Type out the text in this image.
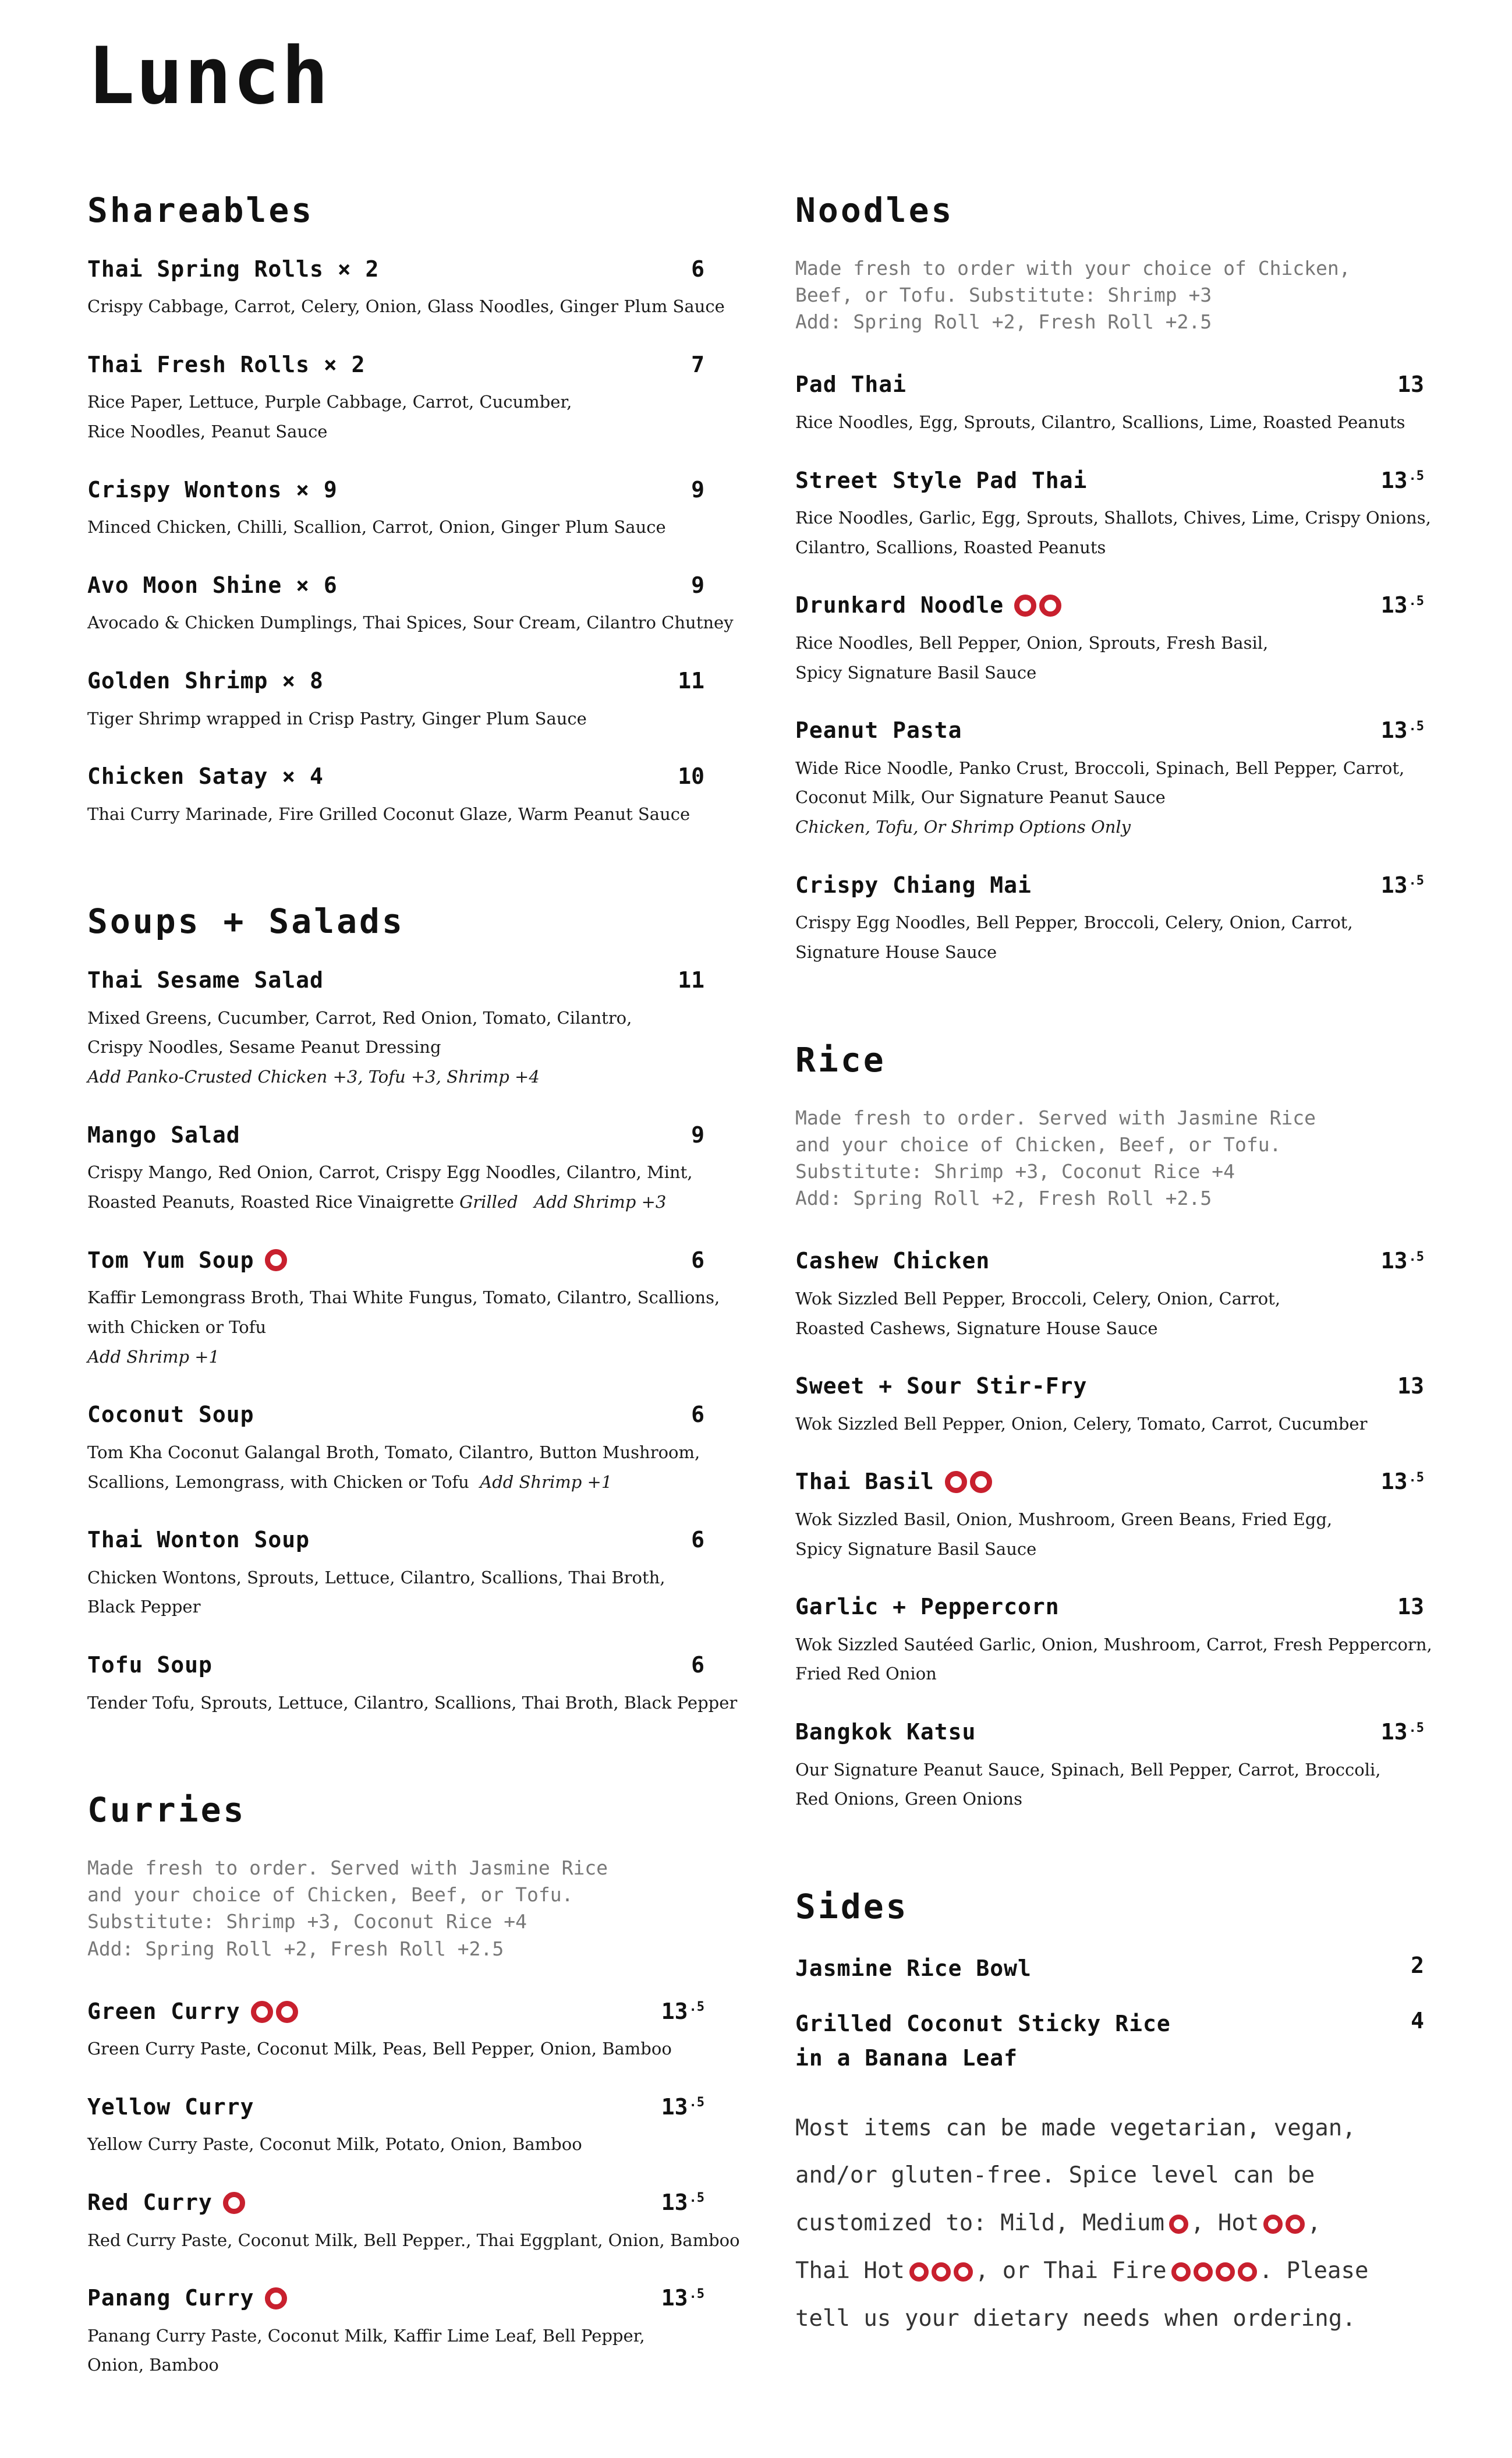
Lunch
Shareables
Thai Spring Rolls × 2	6
Crispy Cabbage, Carrot, Celery, Onion, Glass Noodles, Ginger Plum Sauce
Thai Fresh Rolls × 2	7
Rice Paper, Lettuce, Purple Cabbage, Carrot, Cucumber,
Rice Noodles, Peanut Sauce
Crispy Wontons × 9	9
Minced Chicken, Chilli, Scallion, Carrot, Onion, Ginger Plum Sauce
Avo Moon Shine × 6	9
Avocado & Chicken Dumplings, Thai Spices, Sour Cream, Cilantro Chutney
Golden Shrimp × 8	11
Tiger Shrimp wrapped in Crisp Pastry, Ginger Plum Sauce
Chicken Satay × 4	10
Thai Curry Marinade, Fire Grilled Coconut Glaze, Warm Peanut Sauce
Soups + Salads
Thai Sesame Salad	11
Mixed Greens, Cucumber, Carrot, Red Onion, Tomato, Cilantro,
Crispy Noodles, Sesame Peanut Dressing
Add Panko-Crusted Chicken +3, Tofu +3, Shrimp +4
Mango Salad	9
Crispy Mango, Red Onion, Carrot, Crispy Egg Noodles, Cilantro, Mint,
Roasted Peanuts, Roasted Rice Vinaigrette Grilled   Add Shrimp +3
Tom Yum Soup	6
Kaffir Lemongrass Broth, Thai White Fungus, Tomato, Cilantro, Scallions,
with Chicken or Tofu
Add Shrimp +1
Coconut Soup	6
Tom Kha Coconut Galangal Broth, Tomato, Cilantro, Button Mushroom,
Scallions, Lemongrass, with Chicken or Tofu Add Shrimp +1
Thai Wonton Soup	6
Chicken Wontons, Sprouts, Lettuce, Cilantro, Scallions, Thai Broth,
Black Pepper
Tofu Soup	6
Tender Tofu, Sprouts, Lettuce, Cilantro, Scallions, Thai Broth, Black Pepper
Curries
Made fresh to order. Served with Jasmine Rice
and your choice of Chicken, Beef, or Tofu.
Substitute: Shrimp +3, Coconut Rice +4
Add: Spring Roll +2, Fresh Roll +2.5
Green Curry	$13^{.5}$
Green Curry Paste, Coconut Milk, Peas, Bell Pepper, Onion, Bamboo
Yellow Curry	$13^{.5}$
Yellow Curry Paste, Coconut Milk, Potato, Onion, Bamboo
Red Curry	$13^{.5}$
Red Curry Paste, Coconut Milk, Bell Pepper., Thai Eggplant, Onion, Bamboo
Panang Curry	$13^{.5}$
Panang Curry Paste, Coconut Milk, Kaffir Lime Leaf, Bell Pepper,
Onion, Bamboo
Noodles
Made fresh to order with your choice of Chicken,
Beef, or Tofu. Substitute: Shrimp +3
Add: Spring Roll +2, Fresh Roll +2.5
Pad Thai	13
Rice Noodles, Egg, Sprouts, Cilantro, Scallions, Lime, Roasted Peanuts
Street Style Pad Thai	$13^{.5}$
Rice Noodles, Garlic, Egg, Sprouts, Shallots, Chives, Lime, Crispy Onions,
Cilantro, Scallions, Roasted Peanuts
Drunkard Noodle	$13^{.5}$
Rice Noodles, Bell Pepper, Onion, Sprouts, Fresh Basil,
Spicy Signature Basil Sauce
Peanut Pasta	$13^{.5}$
Wide Rice Noodle, Panko Crust, Broccoli, Spinach, Bell Pepper, Carrot,
Coconut Milk, Our Signature Peanut Sauce
Chicken, Tofu, Or Shrimp Options Only
Crispy Chiang Mai	$13^{.5}$
Crispy Egg Noodles, Bell Pepper, Broccoli, Celery, Onion, Carrot,
Signature House Sauce
Rice
Made fresh to order. Served with Jasmine Rice
and your choice of Chicken, Beef, or Tofu.
Substitute: Shrimp +3, Coconut Rice +4
Add: Spring Roll +2, Fresh Roll +2.5
Cashew Chicken	$13^{.5}$
Wok Sizzled Bell Pepper, Broccoli, Celery, Onion, Carrot,
Roasted Cashews, Signature House Sauce
Sweet + Sour Stir-Fry	13
Wok Sizzled Bell Pepper, Onion, Celery, Tomato, Carrot, Cucumber
Thai Basil	$13^{.5}$
Wok Sizzled Basil, Onion, Mushroom, Green Beans, Fried Egg,
Spicy Signature Basil Sauce
Garlic + Peppercorn	13
Wok Sizzled Sautéed Garlic, Onion, Mushroom, Carrot, Fresh Peppercorn,
Fried Red Onion
Bangkok Katsu	$13^{.5}$
Our Signature Peanut Sauce, Spinach, Bell Pepper, Carrot, Broccoli,
Red Onions, Green Onions
Sides
Jasmine Rice Bowl	2
Grilled Coconut Sticky Rice
in a Banana Leaf
4
Most items can be made vegetarian, vegan,
and/or gluten-free. Spice level can be
customized to: Mild, Medium , Hot ,
Thai Hot	, or Thai Fire	. Please
tell us your dietary needs when ordering.
